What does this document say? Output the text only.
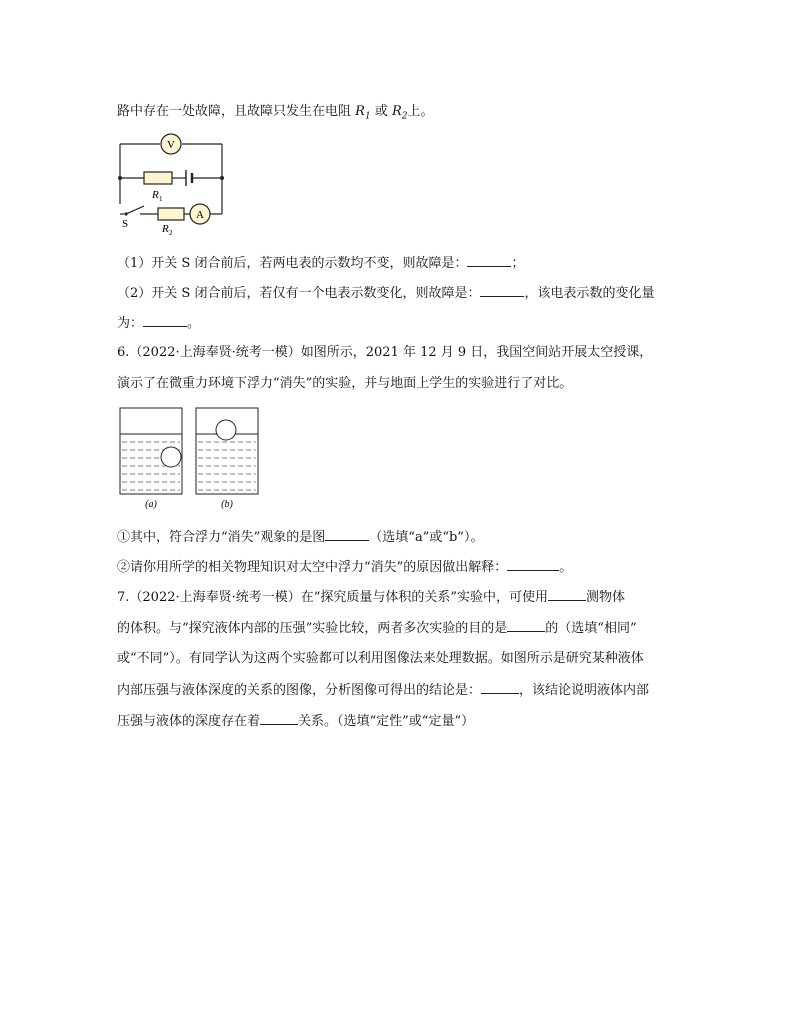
路中存在一处故障，且故障只发生在电阻 $R_1$ 或 $R_2$上。
V
A
R 1
R 2
S
（1）开关 S 闭合前后，若两电表的示数均不变，则故障是：	；
（2）开关 S 闭合前后，若仅有一个电表示数变化，则故障是：	，该电表示数的变化量
为：	。
6.（2022·上海奉贤·统考一模）如图所示，2021 年 12 月 9 日，我国空间站开展太空授课，
演示了在微重力环境下浮力“消失”的实验，并与地面上学生的实验进行了对比。
(a)	(b)
①其中，符合浮力“消失”观象的是图	（选填“a”或“b”）。
②请你用所学的相关物理知识对太空中浮力“消失”的原因做出解释：	。
7.（2022·上海奉贤·统考一模）在“探究质量与体积的关系”实验中，可使用	测物体
的体积。与“探究液体内部的压强”实验比较，两者多次实验的目的是	的（选填“相同”
或“不同”）。有同学认为这两个实验都可以利用图像法来处理数据。如图所示是研究某种液体
内部压强与液体深度的关系的图像，分析图像可得出的结论是：	，该结论说明液体内部
压强与液体的深度存在着	关系。（选填“定性”或“定量”）
